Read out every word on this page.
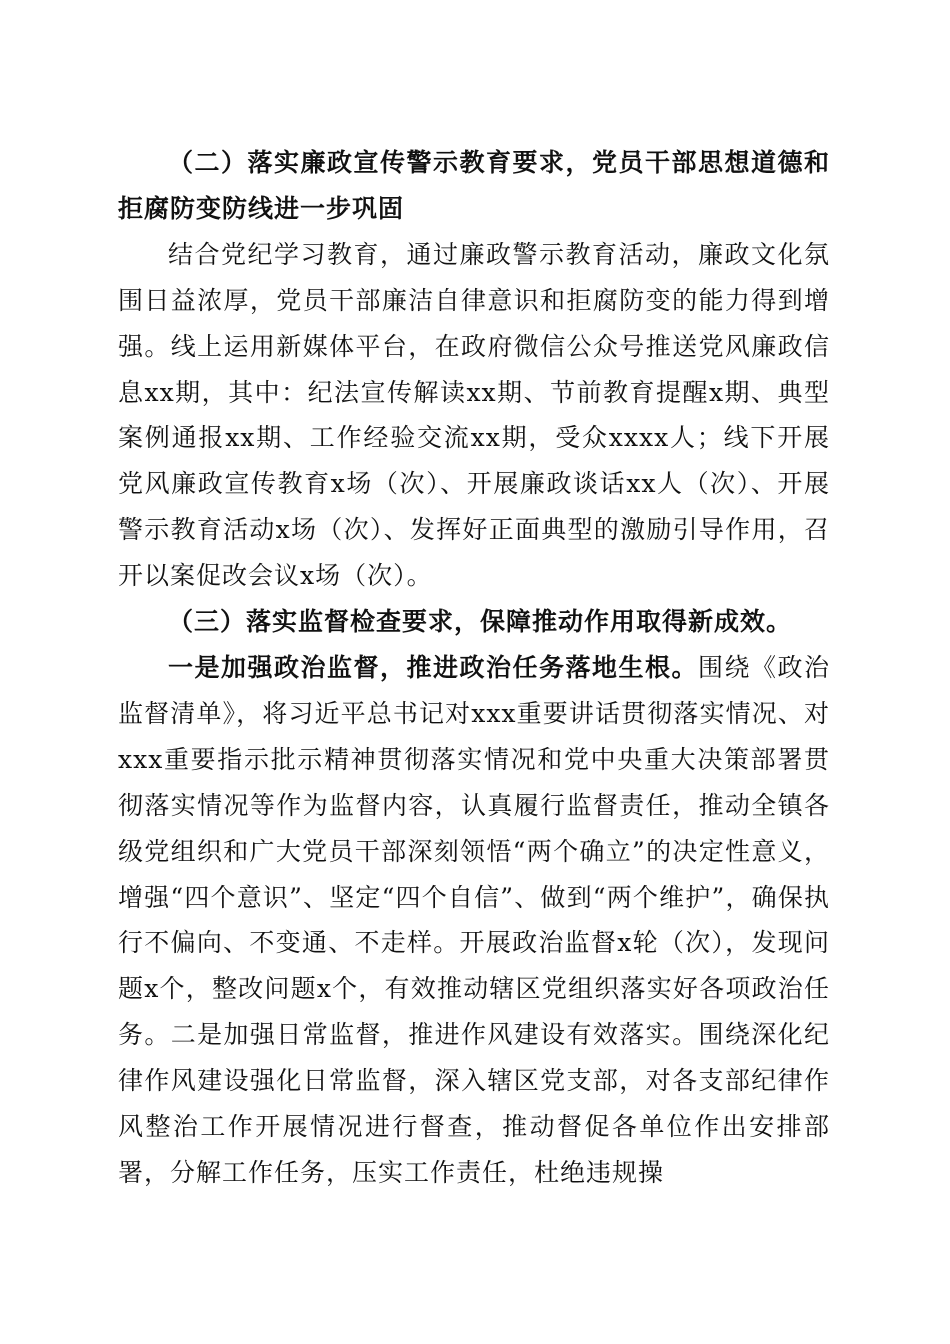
（二）落实廉政宣传警示教育要求，党员干部思想道德和拒腐防变防线进一步巩固

结合党纪学习教育，通过廉政警示教育活动，廉政文化氛围日益浓厚，党员干部廉洁自律意识和拒腐防变的能力得到增强。线上运用新媒体平台，在政府微信公众号推送党风廉政信息xx期，其中：纪法宣传解读xx期、节前教育提醒x期、典型案例通报xx期、工作经验交流xx期，受众xxxx人；线下开展党风廉政宣传教育x场（次）、开展廉政谈话xx人（次）、开展警示教育活动x场（次）、发挥好正面典型的激励引导作用，召开以案促改会议x场（次）。

（三）落实监督检查要求，保障推动作用取得新成效。

一是加强政治监督，推进政治任务落地生根。围绕《政治监督清单》，将习近平总书记对xxx重要讲话贯彻落实情况、对xxx重要指示批示精神贯彻落实情况和党中央重大决策部署贯彻落实情况等作为监督内容，认真履行监督责任，推动全镇各级党组织和广大党员干部深刻领悟“两个确立”的决定性意义，增强“四个意识”、坚定“四个自信”、做到“两个维护”，确保执行不偏向、不变通、不走样。开展政治监督x轮（次），发现问题x个，整改问题x个，有效推动辖区党组织落实好各项政治任务。二是加强日常监督，推进作风建设有效落实。围绕深化纪律作风建设强化日常监督，深入辖区党支部，对各支部纪律作风整治工作开展情况进行督查，推动督促各单位作出安排部署，分解工作任务，压实工作责任，杜绝违规操
